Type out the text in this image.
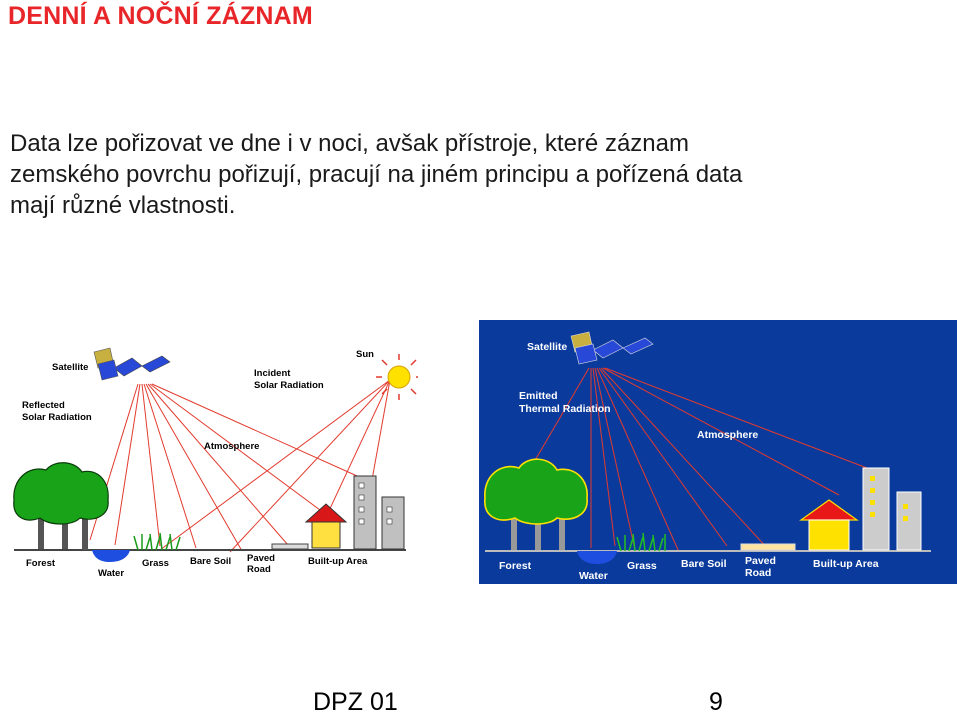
DENNÍ A NOČNÍ ZÁZNAM
Data lze pořizovat ve dne i v noci, avšak přístroje, které záznam
zemského povrchu pořizují, pracují na jiném principu a pořízená data
mají různé vlastnosti.
Satellite
Sun
Incident
Solar Radiation
Reflected
Solar Radiation
Atmosphere
Forest
Water
Grass Bare Soil Paved
Road
Built-up Area
Satellite
Emitted
Thermal Radiation
Atmosphere
Forest
Water
Grass Bare Soil Paved
Road
Built-up Area
DPZ 01	9
